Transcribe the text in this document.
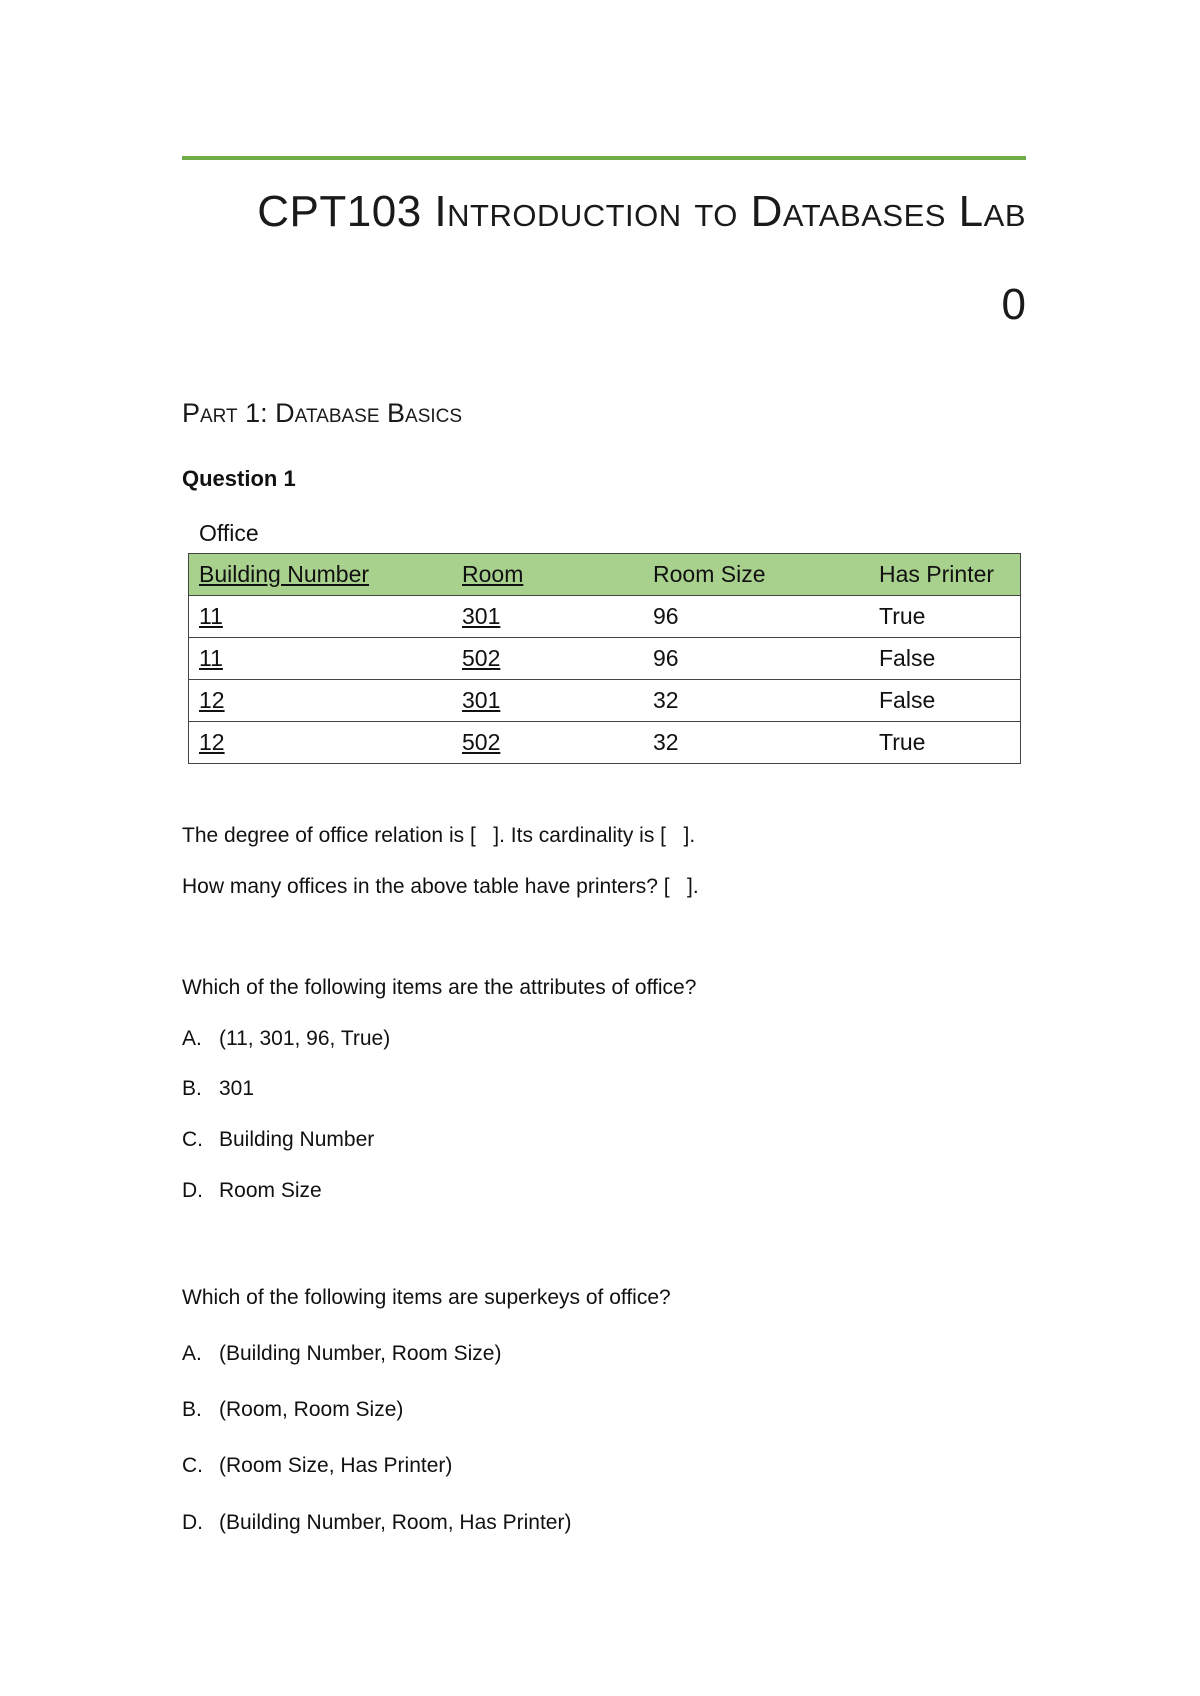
CPT103 Introduction to Databases Lab
0
Part 1: Database Basics
Question 1
Office
Building Number	Room	Room Size	Has Printer
11	301	96	True
11	502	96	False
12	301	32	False
12	502	32	True
The degree of office relation is [   ]. Its cardinality is [   ].
How many offices in the above table have printers? [   ].
Which of the following items are the attributes of office?
A. (11, 301, 96, True)
B. 301
C. Building Number
D. Room Size
Which of the following items are superkeys of office?
A. (Building Number, Room Size)
B. (Room, Room Size)
C. (Room Size, Has Printer)
D. (Building Number, Room, Has Printer)
